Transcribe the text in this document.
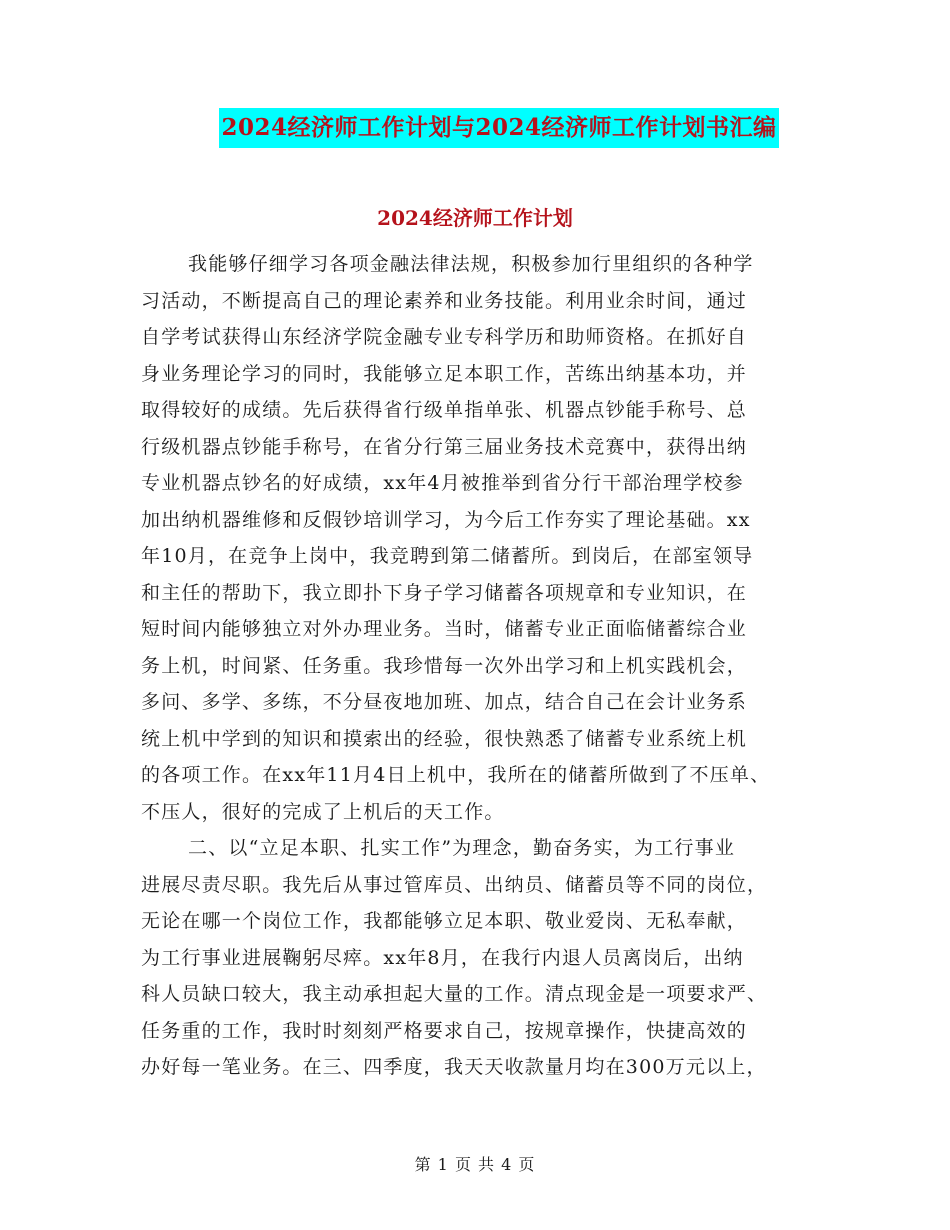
2024经济师工作计划与2024经济师工作计划书汇编
2024经济师工作计划
我能够仔细学习各项金融法律法规，积极参加行里组织的各种学
习活动，不断提高自己的理论素养和业务技能。利用业余时间，通过
自学考试获得山东经济学院金融专业专科学历和助师资格。在抓好自
身业务理论学习的同时，我能够立足本职工作，苦练出纳基本功，并
取得较好的成绩。先后获得省行级单指单张、机器点钞能手称号、总
行级机器点钞能手称号，在省分行第三届业务技术竞赛中，获得出纳
专业机器点钞名的好成绩，xx年4月被推举到省分行干部治理学校参
加出纳机器维修和反假钞培训学习，为今后工作夯实了理论基础。xx
年10月，在竞争上岗中，我竞聘到第二储蓄所。到岗后，在部室领导
和主任的帮助下，我立即扑下身子学习储蓄各项规章和专业知识，在
短时间内能够独立对外办理业务。当时，储蓄专业正面临储蓄综合业
务上机，时间紧、任务重。我珍惜每一次外出学习和上机实践机会，
多问、多学、多练，不分昼夜地加班、加点，结合自己在会计业务系
统上机中学到的知识和摸索出的经验，很快熟悉了储蓄专业系统上机
的各项工作。在xx年11月4日上机中，我所在的储蓄所做到了不压单、
不压人，很好的完成了上机后的天工作。
二、以“立足本职、扎实工作”为理念，勤奋务实，为工行事业
进展尽责尽职。我先后从事过管库员、出纳员、储蓄员等不同的岗位，
无论在哪一个岗位工作，我都能够立足本职、敬业爱岗、无私奉献，
为工行事业进展鞠躬尽瘁。xx年8月，在我行内退人员离岗后，出纳
科人员缺口较大，我主动承担起大量的工作。清点现金是一项要求严、
任务重的工作，我时时刻刻严格要求自己，按规章操作，快捷高效的
办好每一笔业务。在三、四季度，我天天收款量月均在300万元以上，
第 1 页 共 4 页
